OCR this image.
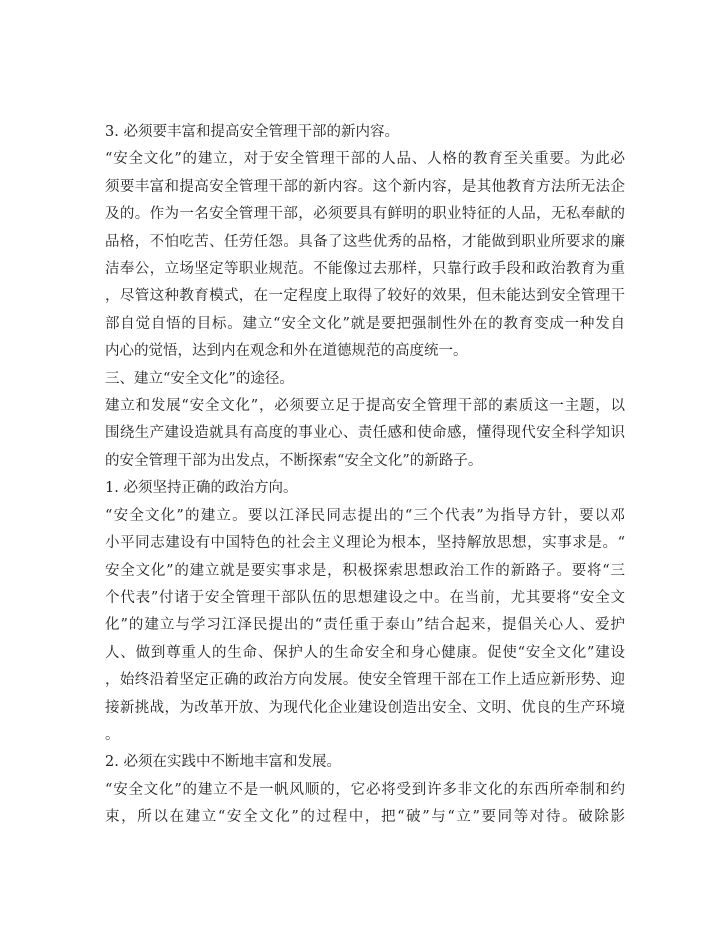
3. 必须要丰富和提高安全管理干部的新内容。
“安全文化”的建立，对于安全管理干部的人品、人格的教育至关重要。为此必
须要丰富和提高安全管理干部的新内容。这个新内容，是其他教育方法所无法企
及的。作为一名安全管理干部，必须要具有鲜明的职业特征的人品，无私奉献的
品格，不怕吃苦、任劳任怨。具备了这些优秀的品格，才能做到职业所要求的廉
洁奉公，立场坚定等职业规范。不能像过去那样，只靠行政手段和政治教育为重
，尽管这种教育模式，在一定程度上取得了较好的效果，但未能达到安全管理干
部自觉自悟的目标。建立“安全文化”就是要把强制性外在的教育变成一种发自
内心的觉悟，达到内在观念和外在道德规范的高度统一。
三、建立“安全文化”的途径。
建立和发展“安全文化”，必须要立足于提高安全管理干部的素质这一主题，以
围绕生产建设造就具有高度的事业心、责任感和使命感，懂得现代安全科学知识
的安全管理干部为出发点，不断探索“安全文化”的新路子。
1. 必须坚持正确的政治方向。
“安全文化”的建立。要以江泽民同志提出的“三个代表”为指导方针，要以邓
小平同志建设有中国特色的社会主义理论为根本，坚持解放思想，实事求是。“
安全文化”的建立就是要实事求是，积极探索思想政治工作的新路子。要将“三
个代表”付诸于安全管理干部队伍的思想建设之中。在当前，尤其要将“安全文
化”的建立与学习江泽民提出的“责任重于泰山”结合起来，提倡关心人、爱护
人、做到尊重人的生命、保护人的生命安全和身心健康。促使“安全文化”建设
，始终沿着坚定正确的政治方向发展。使安全管理干部在工作上适应新形势、迎
接新挑战，为改革开放、为现代化企业建设创造出安全、文明、优良的生产环境
。
2. 必须在实践中不断地丰富和发展。
“安全文化”的建立不是一帆风顺的，它必将受到许多非文化的东西所牵制和约
束，所以在建立“安全文化”的过程中，把“破”与“立”要同等对待。破除影
